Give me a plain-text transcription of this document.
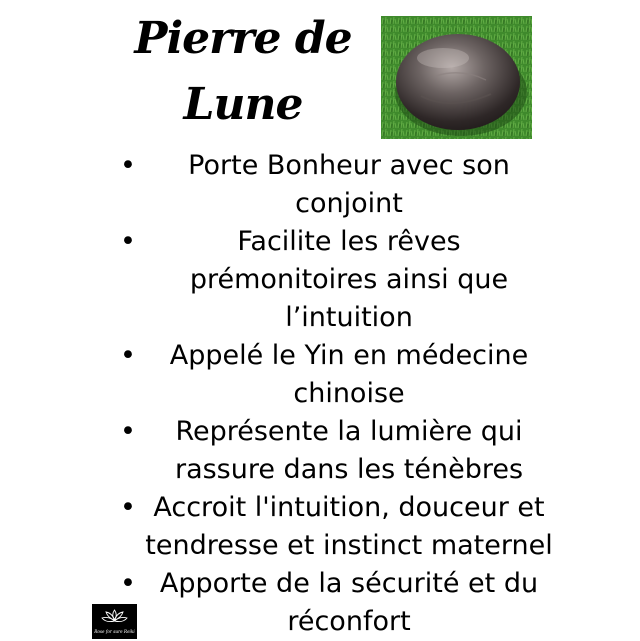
Pierre de
Lune
• Porte Bonheur avec son conjoint
•	Facilite les rêves prémonitoires ainsi que l’intuition
• Appelé le Yin en médecine chinoise
• Représente la lumière qui rassure dans les ténèbres
• Accroit l'intuition, douceur et tendresse et instinct maternel
• Apporte de la sécurité et du réconfort
Rose for sure Reiki
